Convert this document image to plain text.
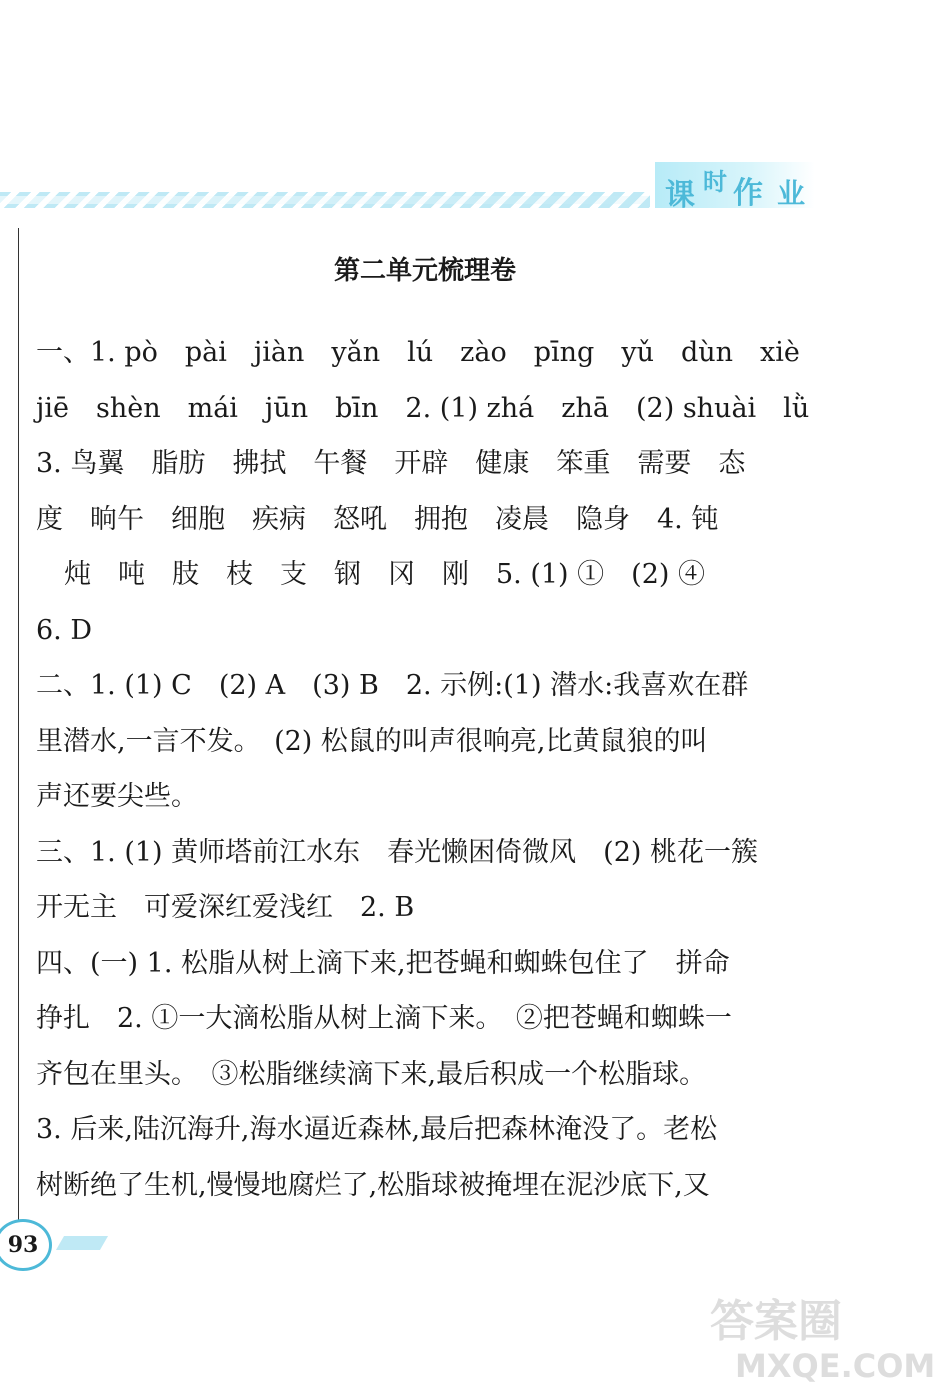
课 时 作 业
第二单元梳理卷
一、1. pò　pài　jiàn　yǎn　lú　zào　pīng　yǔ　dùn　xiè
jiē　shèn　mái　jūn　bīn　2. (1) zhá　zhā　(2) shuài　lǜ
3. 鸟翼　脂肪　拂拭　午餐　开辟　健康　笨重　需要　态
度　晌午　细胞　疾病　怒吼　拥抱　凌晨　隐身　4. 钝
炖　吨　肢　枝　支　钢　冈　刚　5. (1) ①　(2) ④
6. D
二、1. (1) C　(2) A　(3) B　2. 示例:(1) 潜水:我喜欢在群
里潜水,一言不发。　(2) 松鼠的叫声很响亮,比黄鼠狼的叫
声还要尖些。
三、1. (1) 黄师塔前江水东　春光懒困倚微风　(2) 桃花一簇
开无主　可爱深红爱浅红　2. B
四、(一) 1. 松脂从树上滴下来,把苍蝇和蜘蛛包住了　拼命
挣扎　2. ①一大滴松脂从树上滴下来。　②把苍蝇和蜘蛛一
齐包在里头。　③松脂继续滴下来,最后积成一个松脂球。
3. 后来,陆沉海升,海水逼近森林,最后把森林淹没了。老松
树断绝了生机,慢慢地腐烂了,松脂球被掩埋在泥沙底下,又
93
答案圈
MXQE.COM
